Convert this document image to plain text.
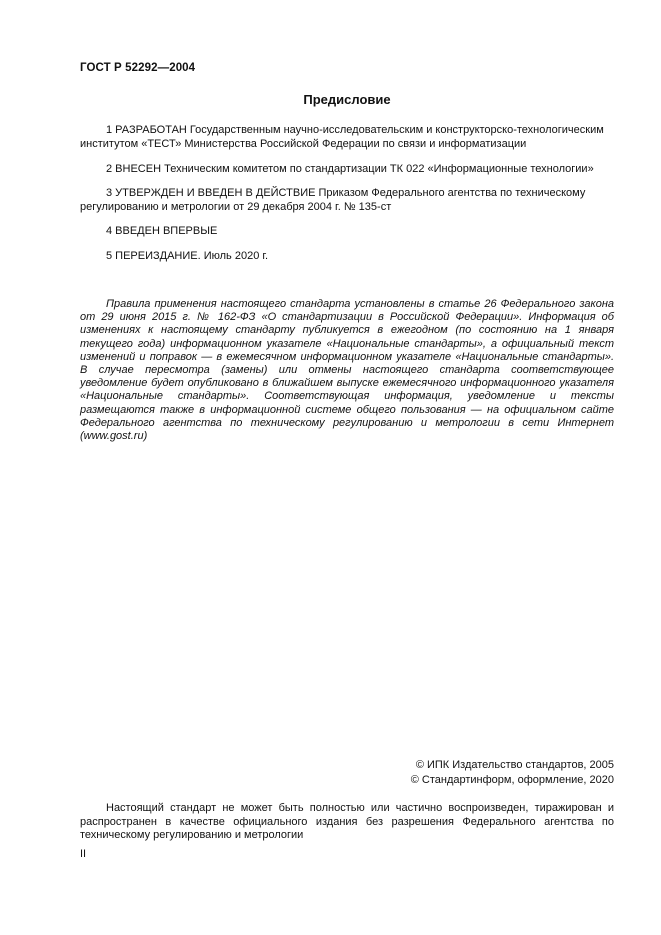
ГОСТ Р 52292—2004
Предисловие
1 РАЗРАБОТАН Государственным научно-исследовательским и конструкторско-технологическим институтом «ТЕСТ» Министерства Российской Федерации по связи и информатизации
2 ВНЕСЕН Техническим комитетом по стандартизации ТК 022 «Информационные технологии»
3 УТВЕРЖДЕН И ВВЕДЕН В ДЕЙСТВИЕ Приказом Федерального агентства по техническому регулированию и метрологии от 29 декабря 2004 г. № 135-ст
4 ВВЕДЕН ВПЕРВЫЕ
5 ПЕРЕИЗДАНИЕ. Июль 2020 г.
Правила применения настоящего стандарта установлены в статье 26 Федерального закона от 29 июня 2015 г. № 162-ФЗ «О стандартизации в Российской Федерации». Информация об изменениях к настоящему стандарту публикуется в ежегодном (по состоянию на 1 января текущего года) информационном указателе «Национальные стандарты», а официальный текст изменений и поправок — в ежемесячном информационном указателе «Национальные стандарты». В случае пересмотра (замены) или отмены настоящего стандарта соответствующее уведомление будет опубликовано в ближайшем выпуске ежемесячного информационного указателя «Национальные стандарты». Соответствующая информация, уведомление и тексты размещаются также в информационной системе общего пользования — на официальном сайте Федерального агентства по техническому регулированию и метрологии в сети Интернет (www.gost.ru)
© ИПК Издательство стандартов, 2005
© Стандартинформ, оформление, 2020
Настоящий стандарт не может быть полностью или частично воспроизведен, тиражирован и распространен в качестве официального издания без разрешения Федерального агентства по техническому регулированию и метрологии
II
